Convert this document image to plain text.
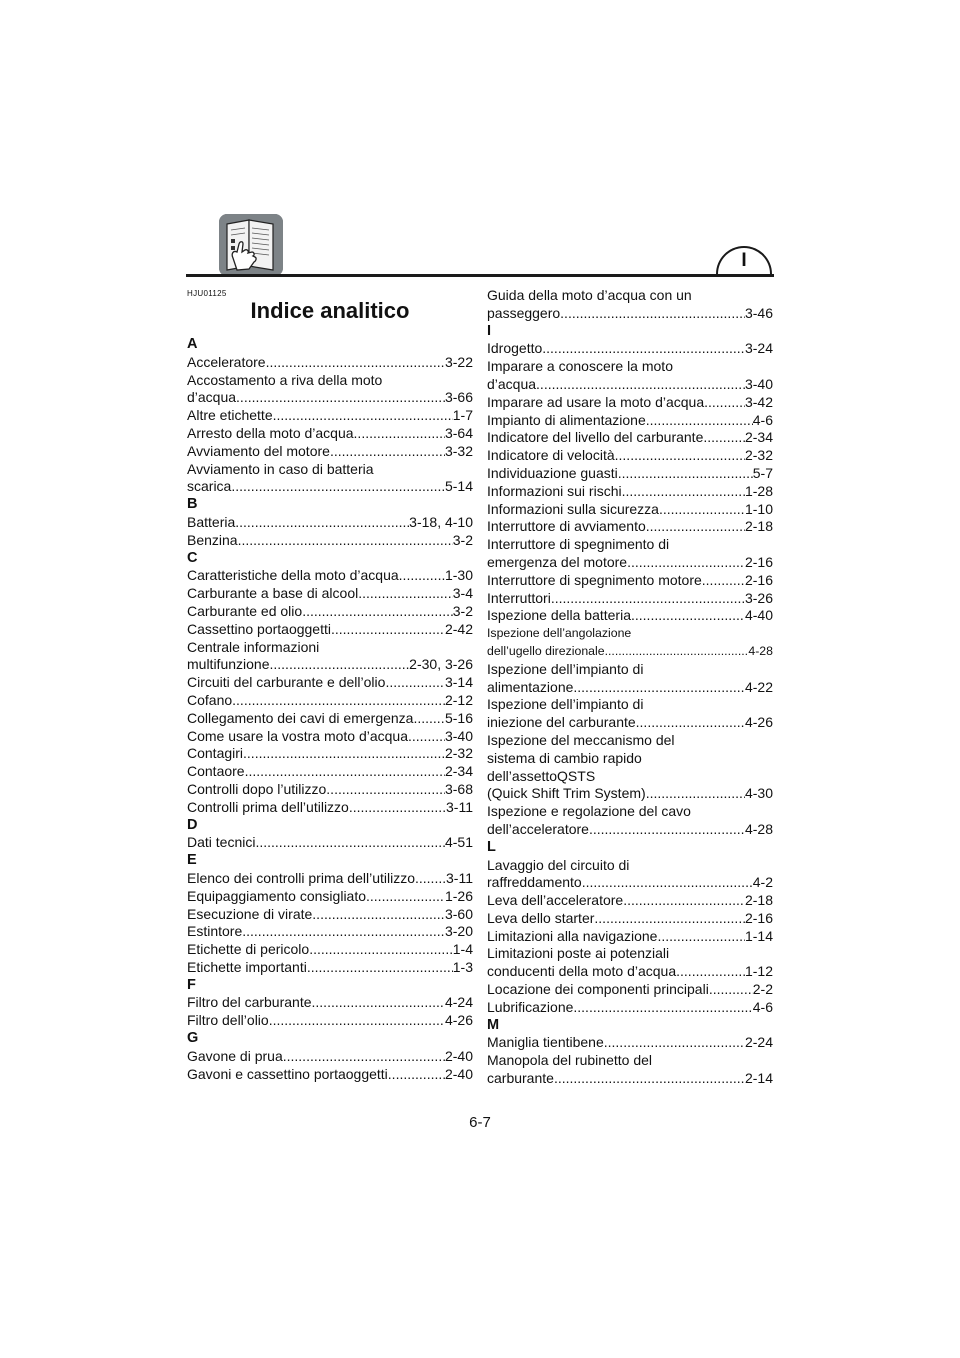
I
HJU01125
Indice analitico
A
Acceleratore .....	3-22
Accostamento a riva della moto
d’acqua .....	3-66
Altre etichette .....	1-7
Arresto della moto d’acqua .....	3-64
Avviamento del motore .....	3-32
Avviamento in caso di batteria
scarica .....	5-14
B
Batteria .....	3-18, 4-10
Benzina .....	3-2
C
Caratteristiche della moto d’acqua .....	1-30
Carburante a base di alcool .....	3-4
Carburante ed olio .....	3-2
Cassettino portaoggetti .....	2-42
Centrale informazioni
multifunzione .....	2-30, 3-26
Circuiti del carburante e dell’olio .....	3-14
Cofano .....	2-12
Collegamento dei cavi di emergenza ..... 5-16
Come usare la vostra moto d’acqua .....	3-40
Contagiri .....	2-32
Contaore .....	2-34
Controlli dopo l’utilizzo .....	3-68
Controlli prima dell’utilizzo .....	3-11
D
Dati tecnici .....	4-51
E
Elenco dei controlli prima dell’utilizzo ..... 3-11
Equipaggiamento consigliato .....	1-26
Esecuzione di virate .....	3-60
Estintore .....	3-20
Etichette di pericolo .....	1-4
Etichette importanti .....	1-3
F
Filtro del carburante .....	4-24
Filtro dell’olio .....	4-26
G
Gavone di prua .....	2-40
Gavoni e cassettino portaoggetti .....	2-40
Guida della moto d’acqua con un
passeggero .....	3-46
I
Idrogetto .....	3-24
Imparare a conoscere la moto
d’acqua .....	3-40
Imparare ad usare la moto d’acqua .....	3-42
Impianto di alimentazione .....	4-6
Indicatore del livello del carburante .....	2-34
Indicatore di velocità .....	2-32
Individuazione guasti .....	5-7
Informazioni sui rischi .....	1-28
Informazioni sulla sicurezza .....	1-10
Interruttore di avviamento .....	2-18
Interruttore di spegnimento di
emergenza del motore .....	2-16
Interruttore di spegnimento motore .....	2-16
Interruttori .....	3-26
Ispezione della batteria .....	4-40
Ispezione dell’angolazione
dell’ugello direzionale .....	4-28
Ispezione dell’impianto di
alimentazione .....	4-22
Ispezione dell’impianto di
iniezione del carburante .....	4-26
Ispezione del meccanismo del
sistema di cambio rapido
dell’assettoQSTS
(Quick Shift Trim System) .....	4-30
Ispezione e regolazione del cavo
dell’acceleratore .....	4-28
L
Lavaggio del circuito di
raffreddamento .....	4-2
Leva dell’acceleratore .....	2-18
Leva dello starter .....	2-16
Limitazioni alla navigazione .....	1-14
Limitazioni poste ai potenziali
conducenti della moto d’acqua .....	1-12
Locazione dei componenti principali .....	2-2
Lubrificazione .....	4-6
M
Maniglia tientibene .....	2-24
Manopola del rubinetto del
carburante .....	2-14
6-7
